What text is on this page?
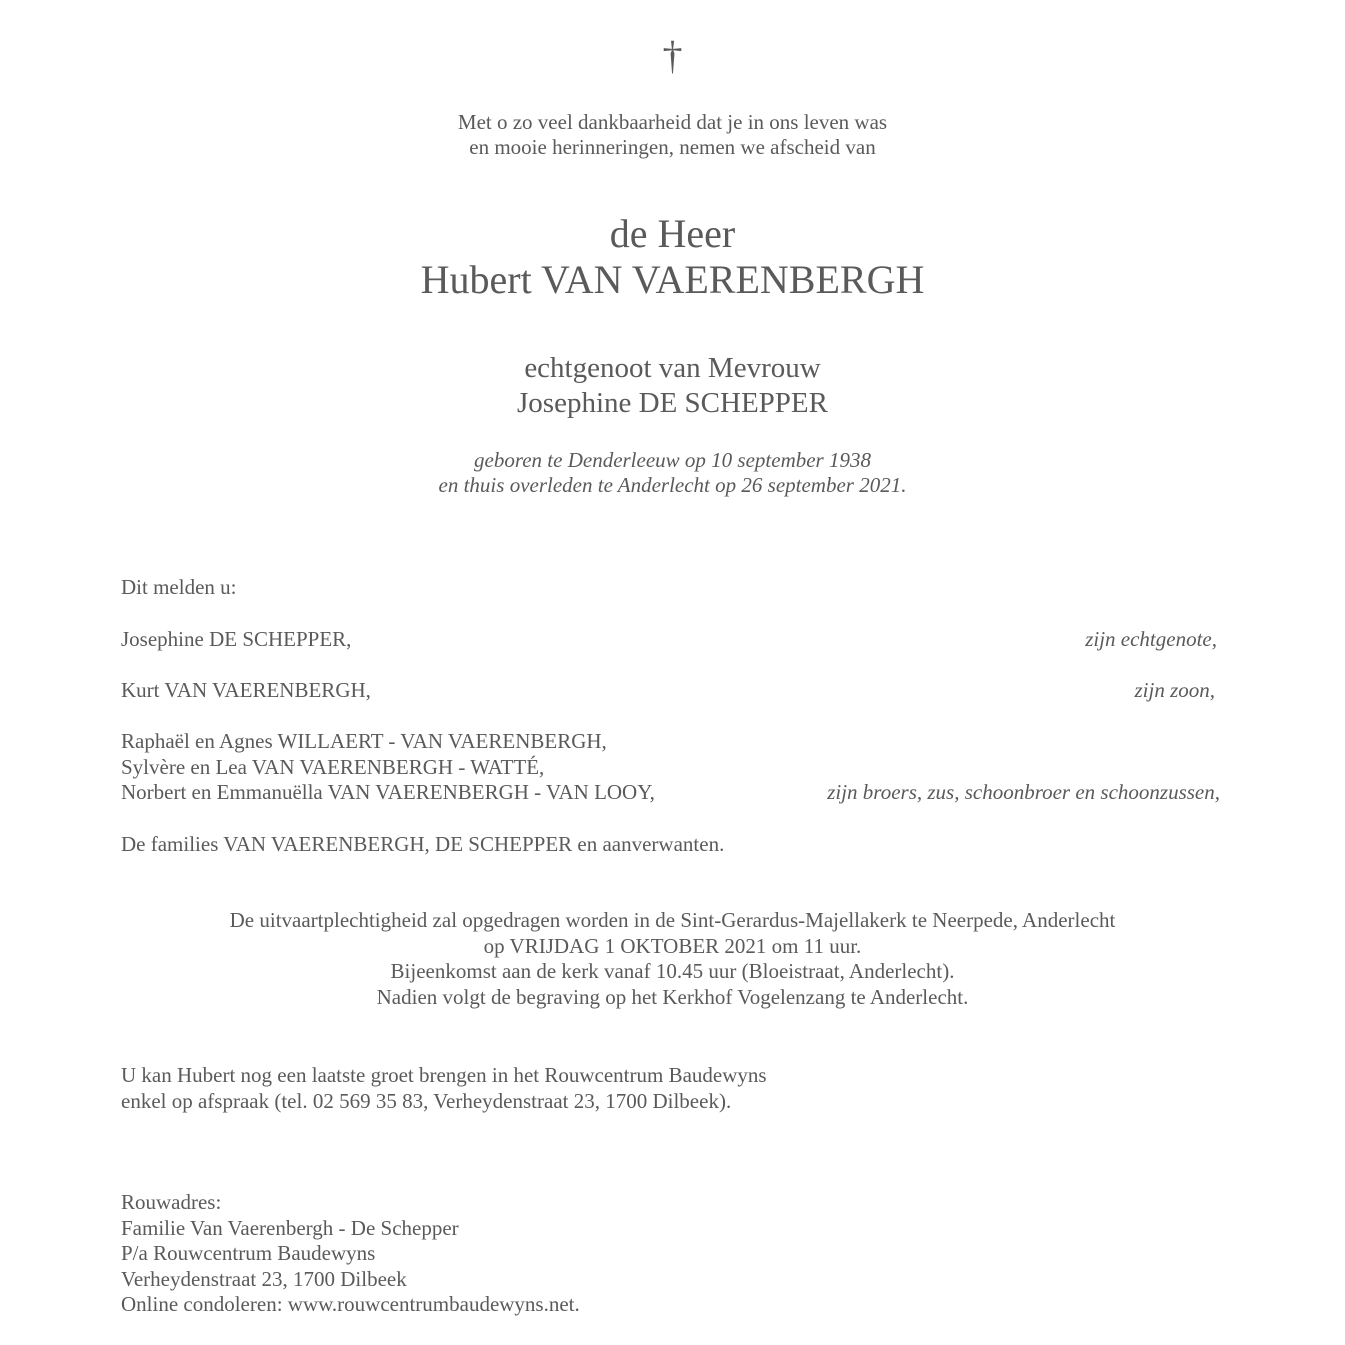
†
Met o zo veel dankbaarheid dat je in ons leven was
en mooie herinneringen, nemen we afscheid van
de Heer
Hubert VAN VAERENBERGH
echtgenoot van Mevrouw
Josephine DE SCHEPPER
geboren te Denderleeuw op 10 september 1938
en thuis overleden te Anderlecht op 26 september 2021.
Dit melden u:
Josephine DE SCHEPPER,	zijn echtgenote,
Kurt VAN VAERENBERGH,	zijn zoon,
Raphaël en Agnes WILLAERT - VAN VAERENBERGH,
Sylvère en Lea VAN VAERENBERGH - WATTÉ,
Norbert en Emmanuëlla VAN VAERENBERGH - VAN LOOY,	zijn broers, zus, schoonbroer en schoonzussen,
De families VAN VAERENBERGH, DE SCHEPPER en aanverwanten.
De uitvaartplechtigheid zal opgedragen worden in de Sint-Gerardus-Majellakerk te Neerpede, Anderlecht
op VRIJDAG 1 OKTOBER 2021 om 11 uur.
Bijeenkomst aan de kerk vanaf 10.45 uur (Bloeistraat, Anderlecht).
Nadien volgt de begraving op het Kerkhof Vogelenzang te Anderlecht.
U kan Hubert nog een laatste groet brengen in het Rouwcentrum Baudewyns
enkel op afspraak (tel. 02 569 35 83, Verheydenstraat 23, 1700 Dilbeek).
Rouwadres:
Familie Van Vaerenbergh - De Schepper
P/a Rouwcentrum Baudewyns
Verheydenstraat 23, 1700 Dilbeek
Online condoleren: www.rouwcentrumbaudewyns.net.
